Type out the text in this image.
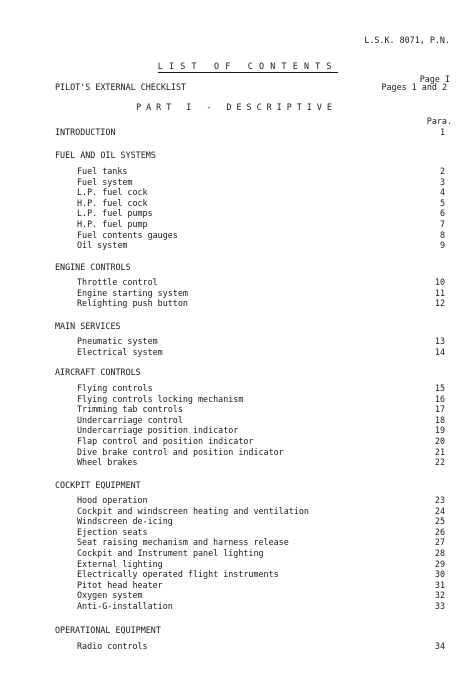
L.S.K. 8071, P.N.

Page I

LIST OF CONTENTS

PILOT'S EXTERNAL CHECKLIST	Pages 1 and 2
PART I - DESCRIPTIVE
Para.
INTRODUCTION	1
FUEL AND OIL SYSTEMS
Fuel tanks	2
Fuel system	3
L.P. fuel cock	4
H.P. fuel cock	5
L.P. fuel pumps	6
H.P. fuel pump	7
Fuel contents gauges	8
Oil system	9
ENGINE CONTROLS
Throttle control	10
Engine starting system	11
Relighting push button	12
MAIN SERVICES
Pneumatic system	13
Electrical system	14
AIRCRAFT CONTROLS
Flying controls	15
Flying controls locking mechanism	16
Trimming tab controls	17
Undercarriage control	18
Undercarriage position indicator	19
Flap control and position indicator	20
Dive brake control and position indicator	21
Wheel brakes	22
COCKPIT EQUIPMENT
Hood operation	23
Cockpit and windscreen heating and ventilation	24
Windscreen de-icing	25
Ejection seats	26
Seat raising mechanism and harness release	27
Cockpit and Instrument panel lighting	28
External lighting	29
Electrically operated flight instruments	30
Pitot head heater	31
Oxygen system	32
Anti-G-installation	33
OPERATIONAL EQUIPMENT
Radio controls	34
